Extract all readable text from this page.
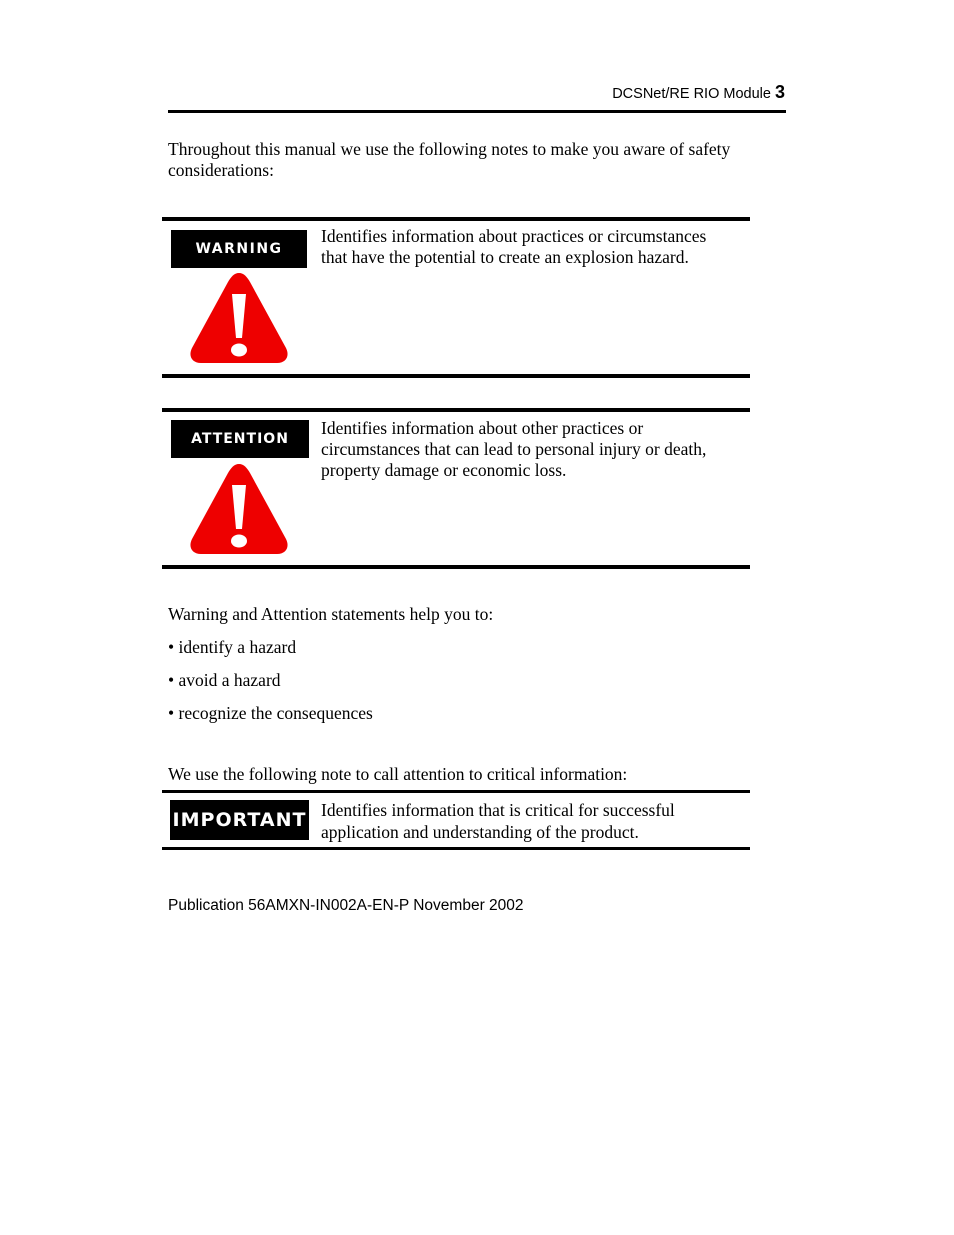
DCSNet/RE RIO Module 3
Throughout this manual we use the following notes to make you aware of safety considerations:
WARNING
Identifies information about practices or circumstances
that have the potential to create an explosion hazard.
ATTENTION
Identifies information about other practices or
circumstances that can lead to personal injury or death,
property damage or economic loss.
Warning and Attention statements help you to:
• identify a hazard
• avoid a hazard
• recognize the consequences
We use the following note to call attention to critical information:
IMPORTANT Identifies information that is critical for successful
application and understanding of the product.
Publication 56AMXN-IN002A-EN-P November 2002
